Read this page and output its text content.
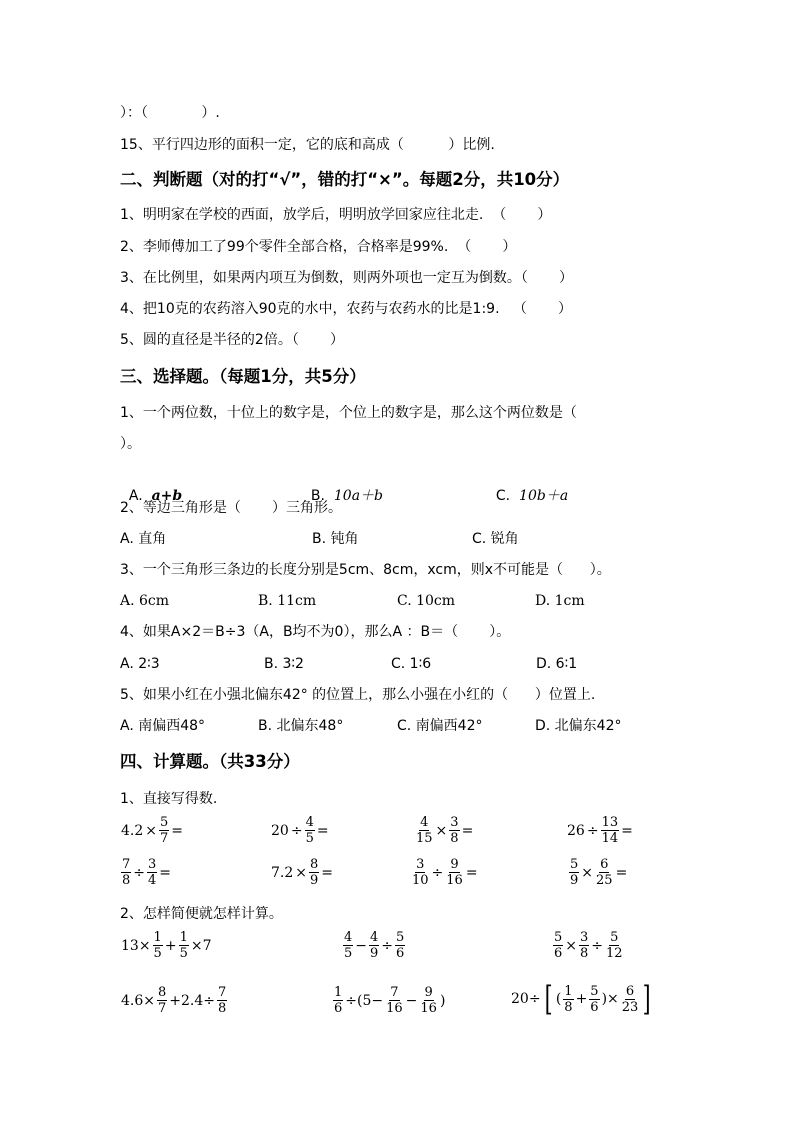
）：（            ）.
15、平行四边形的面积一定，它的底和高成（          ）比例.
二、判断题（对的打“√”，错的打“×”。每题2分，共10分）
1、明明家在学校的西面，放学后，明明放学回家应往北走.  （       ）
2、李师傅加工了99个零件全部合格，合格率是99%.  （       ）
3、在比例里，如果两内项互为倒数，则两外项也一定互为倒数。（       ）
4、把10克的农药溶入90克的水中，农药与农药水的比是1:9.   （       ）
5、圆的直径是半径的2倍。（       ）
三、选择题。（每题1分，共5分）
1、一个两位数，十位上的数字是，个位上的数字是，那么这个两位数是（
）。

A. a+b	B. 10a＋b	C. 10b＋a

2、等边三角形是（       ）三角形。
A. 直角	B. 钝角	C. 锐角
3、一个三角形三条边的长度分别是5cm、8cm，xcm，则x不可能是（      ）。
A. 6cm	B. 11cm	C. 10cm	D. 1cm
4、如果A×2＝B÷3（A，B均不为0），那么A ：B＝（       ）。
A. 2∶3	B. 3∶2	C. 1∶6	D. 6∶1
5、如果小红在小强北偏东42° 的位置上，那么小强在小红的（      ）位置上.
A. 南偏西48°	B. 北偏东48°	C. 南偏西42°	D. 北偏东42°
四、计算题。（共33分）
1、直接写得数.
$4.2 \times \frac{5}{7}$ =	$20 \div \frac{4}{5}$ =	$\frac{4}{15} \times \frac{3}{8}$ =	$26 \div \frac{13}{14}$ =
$\frac{7}{8} \div \frac{3}{4}$ =	$7.2 \times \frac{8}{9}$ =	$\frac{3}{10} \div \frac{9}{16}$ =	$\frac{5}{9} \times \frac{6}{25}$ =
2、怎样简便就怎样计算。
$13\times \frac{1}{5} + \frac{1}{5} \times 7$	$\frac{4}{5} - \frac{4}{9} \div \frac{5}{6}$	$\frac{5}{6} \times \frac{3}{8} \div \frac{5}{12}$
$4.6\times \frac{8}{7} +2.4\div \frac{7}{8}$	$\frac{1}{6} \div(5- \frac{7}{16} - \frac{9}{16}$ )	20÷ [ ( $\frac{1}{8} + \frac{5}{6}$ )× $\frac{6}{23}$ ]
